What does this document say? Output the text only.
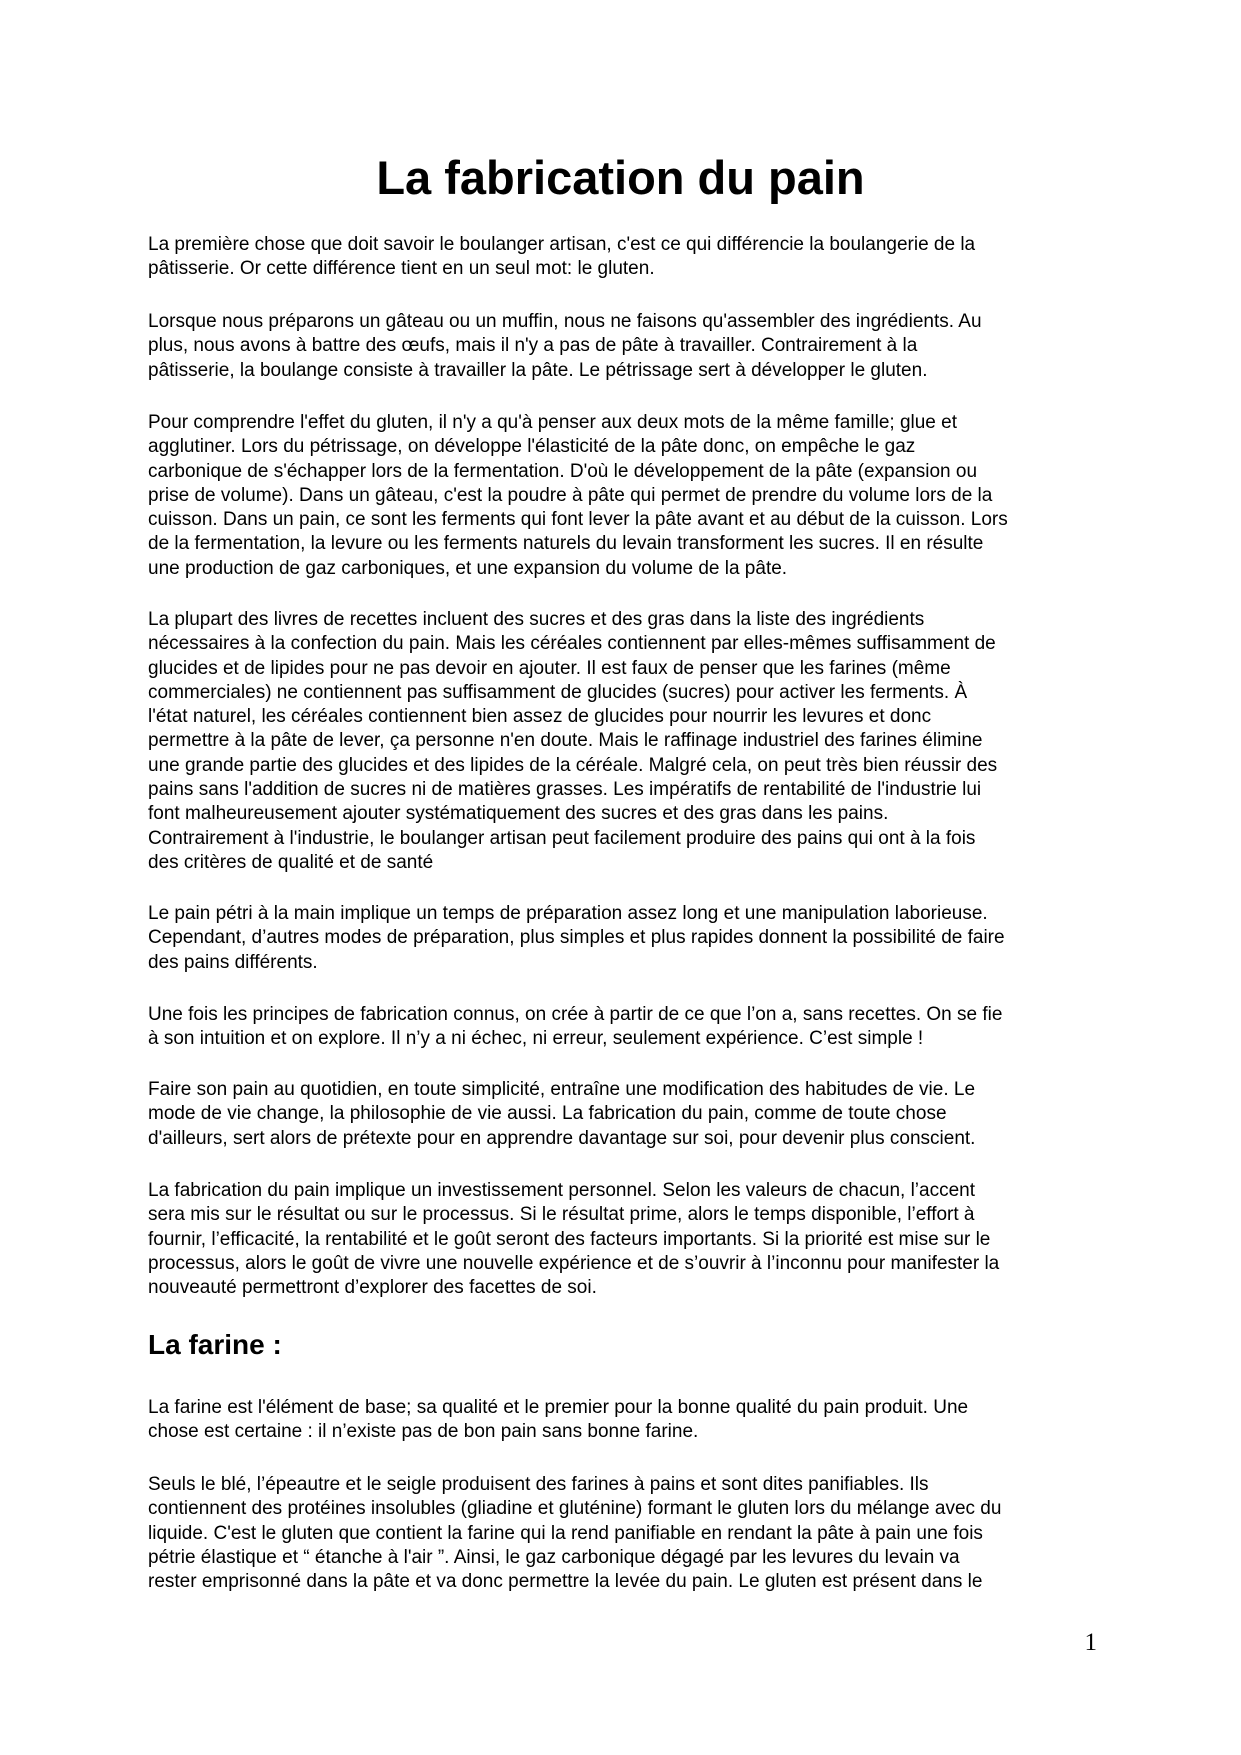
La fabrication du pain

La première chose que doit savoir le boulanger artisan, c'est ce qui différencie la boulangerie de la
pâtisserie. Or cette différence tient en un seul mot: le gluten.

Lorsque nous préparons un gâteau ou un muffin, nous ne faisons qu'assembler des ingrédients. Au
plus, nous avons à battre des œufs, mais il n'y a pas de pâte à travailler. Contrairement à la
pâtisserie, la boulange consiste à travailler la pâte. Le pétrissage sert à développer le gluten.

Pour comprendre l'effet du gluten, il n'y a qu'à penser aux deux mots de la même famille; glue et
agglutiner. Lors du pétrissage, on développe l'élasticité de la pâte donc, on empêche le gaz
carbonique de s'échapper lors de la fermentation. D'où le développement de la pâte (expansion ou
prise de volume). Dans un gâteau, c'est la poudre à pâte qui permet de prendre du volume lors de la
cuisson. Dans un pain, ce sont les ferments qui font lever la pâte avant et au début de la cuisson. Lors
de la fermentation, la levure ou les ferments naturels du levain transforment les sucres. Il en résulte
une production de gaz carboniques, et une expansion du volume de la pâte.

La plupart des livres de recettes incluent des sucres et des gras dans la liste des ingrédients
nécessaires à la confection du pain. Mais les céréales contiennent par elles-mêmes suffisamment de
glucides et de lipides pour ne pas devoir en ajouter. Il est faux de penser que les farines (même
commerciales) ne contiennent pas suffisamment de glucides (sucres) pour activer les ferments. À
l'état naturel, les céréales contiennent bien assez de glucides pour nourrir les levures et donc
permettre à la pâte de lever, ça personne n'en doute. Mais le raffinage industriel des farines élimine
une grande partie des glucides et des lipides de la céréale. Malgré cela, on peut très bien réussir des
pains sans l'addition de sucres ni de matières grasses. Les impératifs de rentabilité de l'industrie lui
font malheureusement ajouter systématiquement des sucres et des gras dans les pains.
Contrairement à l'industrie, le boulanger artisan peut facilement produire des pains qui ont à la fois
des critères de qualité et de santé

Le pain pétri à la main implique un temps de préparation assez long et une manipulation laborieuse.
Cependant, d’autres modes de préparation, plus simples et plus rapides donnent la possibilité de faire
des pains différents.

Une fois les principes de fabrication connus, on crée à partir de ce que l’on a, sans recettes. On se fie
à son intuition et on explore. Il n’y a ni échec, ni erreur, seulement expérience. C’est simple !

Faire son pain au quotidien, en toute simplicité, entraîne une modification des habitudes de vie. Le
mode de vie change, la philosophie de vie aussi. La fabrication du pain, comme de toute chose
d'ailleurs, sert alors de prétexte pour en apprendre davantage sur soi, pour devenir plus conscient.

La fabrication du pain implique un investissement personnel. Selon les valeurs de chacun, l’accent
sera mis sur le résultat ou sur le processus. Si le résultat prime, alors le temps disponible, l’effort à
fournir, l’efficacité, la rentabilité et le goût seront des facteurs importants. Si la priorité est mise sur le
processus, alors le goût de vivre une nouvelle expérience et de s’ouvrir à l’inconnu pour manifester la
nouveauté permettront d’explorer des facettes de soi.

La farine :

La farine est l'élément de base; sa qualité et le premier pour la bonne qualité du pain produit. Une
chose est certaine : il n’existe pas de bon pain sans bonne farine.

Seuls le blé, l’épeautre et le seigle produisent des farines à pains et sont dites panifiables. Ils
contiennent des protéines insolubles (gliadine et gluténine) formant le gluten lors du mélange avec du
liquide. C'est le gluten que contient la farine qui la rend panifiable en rendant la pâte à pain une fois
pétrie élastique et “ étanche à l'air ”. Ainsi, le gaz carbonique dégagé par les levures du levain va
rester emprisonné dans la pâte et va donc permettre la levée du pain. Le gluten est présent dans le

1
